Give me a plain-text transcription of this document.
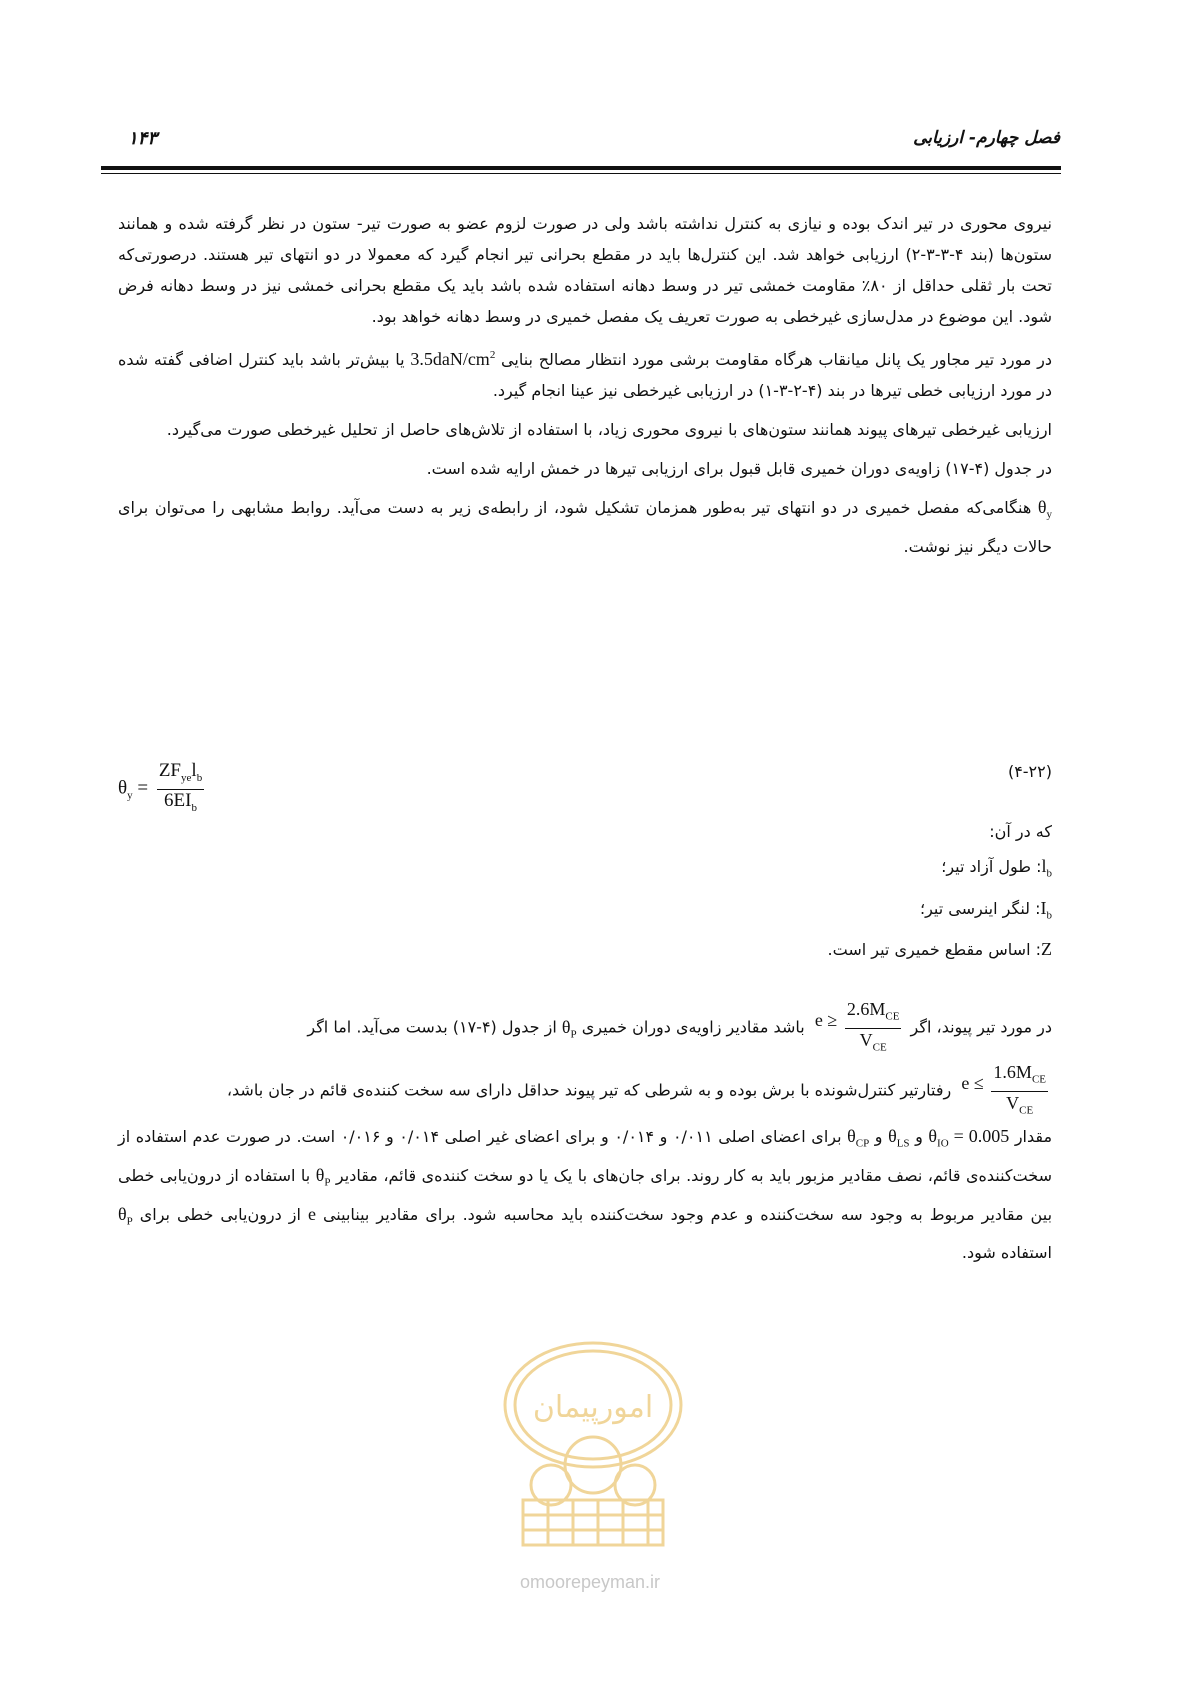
فصل چهارم- ارزیابی
۱۴۳

نیروی محوری در تیر اندک بوده و نیازی به کنترل نداشته باشد ولی در صورت لزوم عضو به صورت تیر- ستون در نظر گرفته شده و همانند ستون‌ها (بند ۴-۳-۳-۲) ارزیابی خواهد شد. این کنترل‌ها باید در مقطع بحرانی تیر انجام گیرد که معمولا در دو انتهای تیر هستند. درصورتی‌که تحت بار ثقلی حداقل از ۸۰٪ مقاومت خمشی تیر در وسط دهانه استفاده شده باشد باید یک مقطع بحرانی خمشی نیز در وسط دهانه فرض شود. این موضوع در مدل‌سازی غیرخطی به صورت تعریف یک مفصل خمیری در وسط دهانه خواهد بود.

در مورد تیر مجاور یک پانل میانقاب هرگاه مقاومت برشی مورد انتظار مصالح بنایی $3.5daN/cm^2$ یا بیش‌تر باشد باید کنترل اضافی گفته شده در مورد ارزیابی خطی تیرها در بند (۴-۲-۳-۱) در ارزیابی غیرخطی نیز عینا انجام گیرد.

ارزیابی غیرخطی تیرهای پیوند همانند ستون‌های با نیروی محوری زیاد، با استفاده از تلاش‌های حاصل از تحلیل غیرخطی صورت می‌گیرد.

در جدول (۴-۱۷) زاویه‌ی دوران خمیری قابل قبول برای ارزیابی تیرها در خمش ارایه شده است.

$\theta_y$ هنگامی‌که مفصل خمیری در دو انتهای تیر به‌طور همزمان تشکیل شود، از رابطه‌ی زیر به دست می‌آید. روابط مشابهی را می‌توان برای حالات دیگر نیز نوشت.

$\theta_y = \frac{ZF_{ye}l_b}{6EI_b}$	(۴-۲۲)

که در آن:

$l_b$: طول آزاد تیر؛

$I_b$: لنگر اینرسی تیر؛

Z: اساس مقطع خمیری تیر است.

در مورد تیر پیوند، اگر
e ≥
$2.6M_{CE}$
$V_{CE}$
باشد مقادیر زاویه‌ی دوران خمیری $\theta_P$ از جدول (۴-۱۷) بدست می‌آید. اما اگر

e ≤
$1.6M_{CE}$
$V_{CE}$
رفتارتیر کنترل‌شونده با برش بوده و به شرطی که تیر پیوند حداقل دارای سه سخت کننده‌ی قائم در جان باشد،

مقدار $\theta_{IO} = 0.005$ و $\theta_{LS}$ و $\theta_{CP}$ برای اعضای اصلی ۰/۰۱۱ و ۰/۰۱۴ و برای اعضای غیر اصلی ۰/۰۱۴ و ۰/۰۱۶ است. در صورت عدم استفاده از سخت‌کننده‌ی قائم، نصف مقادیر مزبور باید به کار روند. برای جان‌های با یک یا دو سخت کننده‌ی قائم، مقادیر $\theta_P$ با استفاده از درون‌یابی خطی بین مقادیر مربوط به وجود سه سخت‌کننده و عدم وجود سخت‌کننده باید محاسبه شود. برای مقادیر بینابینی e از درون‌یابی خطی برای $\theta_P$ استفاده شود.

امورپیمان
omoorepeyman.ir
